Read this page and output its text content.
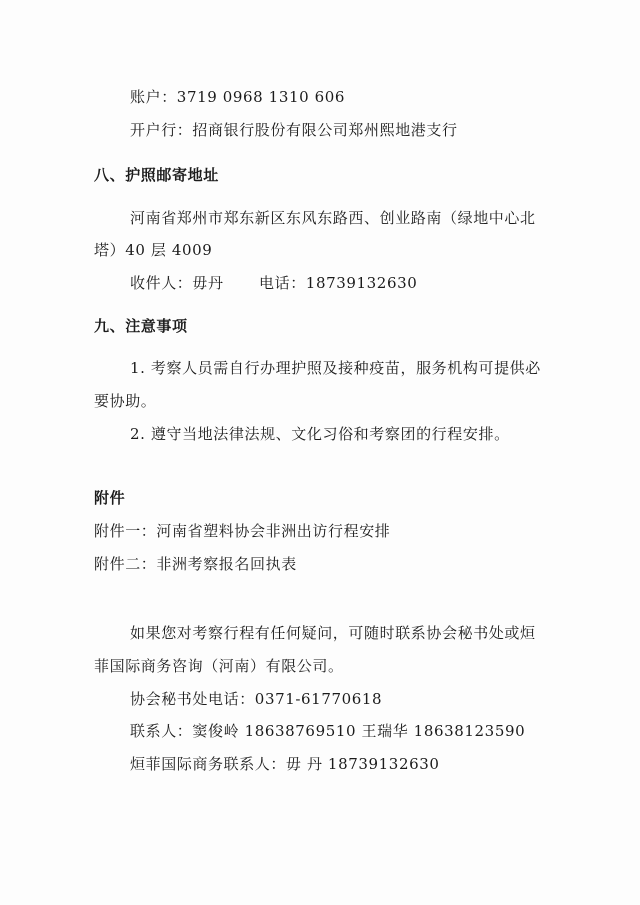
账户：3719 0968 1310 606
开户行：招商银行股份有限公司郑州熙地港支行
八、护照邮寄地址
河南省郑州市郑东新区东风东路西、创业路南（绿地中心北
塔）40 层 4009
收件人：毋丹 电话：18739132630
九、注意事项
1. 考察人员需自行办理护照及接种疫苗，服务机构可提供必
要协助。
2. 遵守当地法律法规、文化习俗和考察团的行程安排。
附件
附件一：河南省塑料协会非洲出访行程安排
附件二：非洲考察报名回执表
如果您对考察行程有任何疑问，可随时联系协会秘书处或烜
菲国际商务咨询（河南）有限公司。
协会秘书处电话：0371-61770618
联系人：窦俊岭 18638769510 王瑞华 18638123590
烜菲国际商务联系人：毋 丹 18739132630
